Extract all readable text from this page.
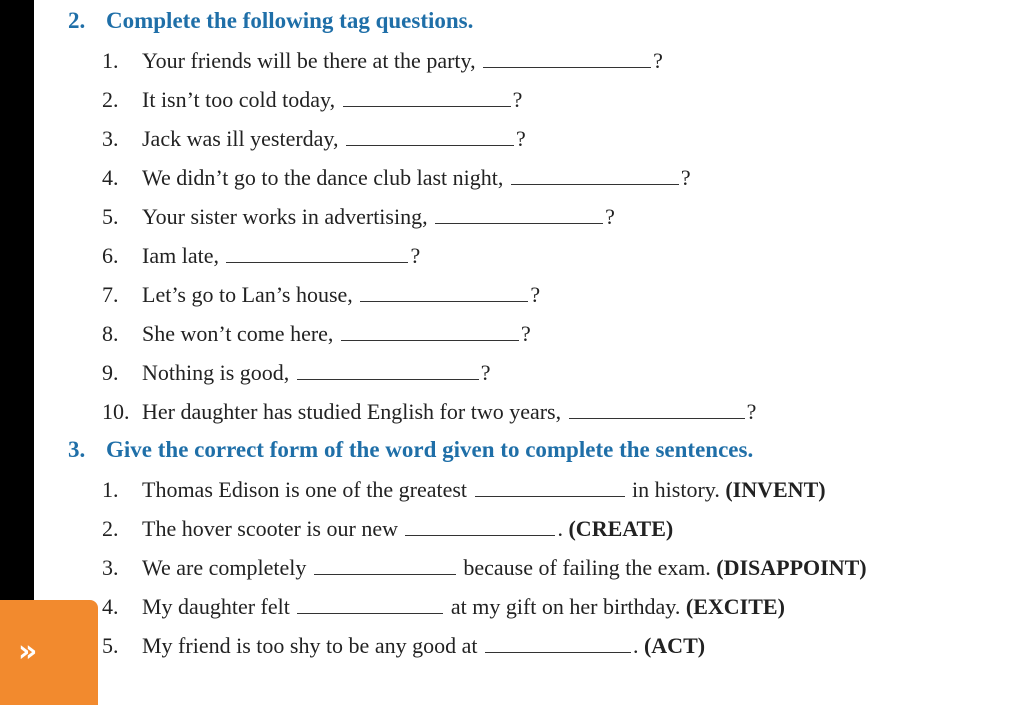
2. Complete the following tag questions.
1. Your friends will be there at the party,	?
2. It isn’t too cold today,	?
3. Jack was ill yesterday,	?
4. We didn’t go to the dance club last night,	?
5. Your sister works in advertising,	?
6. Iam late,	?
7. Let’s go to Lan’s house,	?
8. She won’t come here,	?
9. Nothing is good,	?
10. Her daughter has studied English for two years,	?
3. Give the correct form of the word given to complete the sentences.
1. Thomas Edison is one of the greatest	in history. (INVENT)
2. The hover scooter is our new	. (CREATE)
3. We are completely	because of failing the exam. (DISAPPOINT)
4. My daughter felt	at my gift on her birthday. (EXCITE)
5. My friend is too shy to be any good at	. (ACT)
»
